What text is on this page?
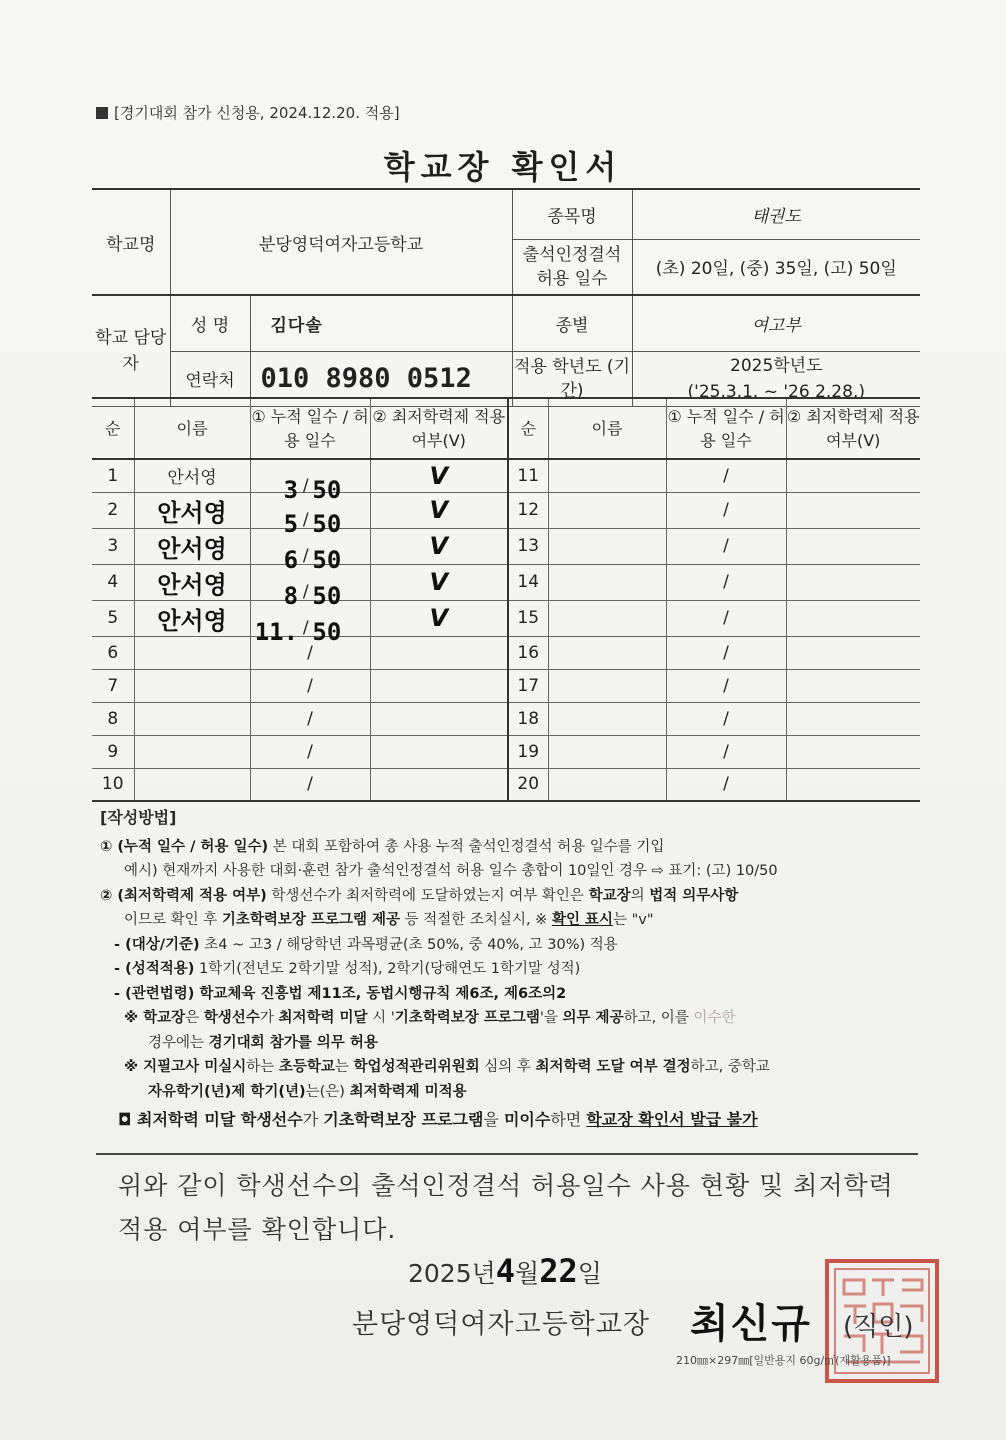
[경기대회 참가 신청용, 2024.12.20. 적용]
학교장 확인서
학교명	분당영덕여자고등학교		종목명	태권도
			출석인정결석 허용 일수	(초) 20일, (중) 35일, (고) 50일
학교 담당자	성 명	김다솔	종별	여고부
	연락처	010 8980 0512	적용 학년도 (기간)	2025학년도
('25.3.1. ~ '26 2.28.)
순	이름	① 누적 일수 / 허용 일수	② 최저학력제 적용 여부(V)	순	이름	① 누적 일수 / 허용 일수	② 최저학력제 적용 여부(V)
1	안서영	3 / 50	V	11		/	
2	안서영	5 / 50	V	12		/	
3	안서영	6 / 50	V	13		/	
4	안서영	8 / 50	V	14		/	
5	안서영	11. / 50	V	15		/	
6		/		16		/	
7		/		17		/	
8		/		18		/	
9		/		19		/	
10		/		20		/	
[작성방법]
① (누적 일수 / 허용 일수) 본 대회 포함하여 총 사용 누적 출석인정결석 허용 일수를 기입
예시) 현재까지 사용한 대회·훈련 참가 출석인정결석 허용 일수 총합이 10일인 경우 ⇨ 표기: (고) 10/50
② (최저학력제 적용 여부) 학생선수가 최저학력에 도달하였는지 여부 확인은 학교장의 법적 의무사항
이므로 확인 후 기초학력보장 프로그램 제공 등 적절한 조치실시, ※ 확인 표시는 "v"
- (대상/기준) 초4 ~ 고3 / 해당학년 과목평균(초 50%, 중 40%, 고 30%) 적용
- (성적적용) 1학기(전년도 2학기말 성적), 2학기(당해연도 1학기말 성적)
- (관련법령) 학교체육 진흥법 제11조, 동법시행규칙 제6조, 제6조의2
※ 학교장은 학생선수가 최저학력 미달 시 '기초학력보장 프로그램'을 의무 제공하고, 이를 이수한
경우에는 경기대회 참가를 의무 허용
※ 지필고사 미실시하는 초등학교는 학업성적관리위원회 심의 후 최저학력 도달 여부 결정하고, 중학교
자유학기(년)제 학기(년)는(은) 최저학력제 미적용
◘ 최저학력 미달 학생선수가 기초학력보장 프로그램을 미이수하면 학교장 확인서 발급 불가
위와 같이 학생선수의 출석인정결석 허용일수 사용 현황 및 최저학력 적용 여부를 확인합니다.
2025년4월22일
분당영덕여자고등학교장 최신규 (직인)
210㎜×297㎜[일반용지 60g/㎡(재활용품)]
